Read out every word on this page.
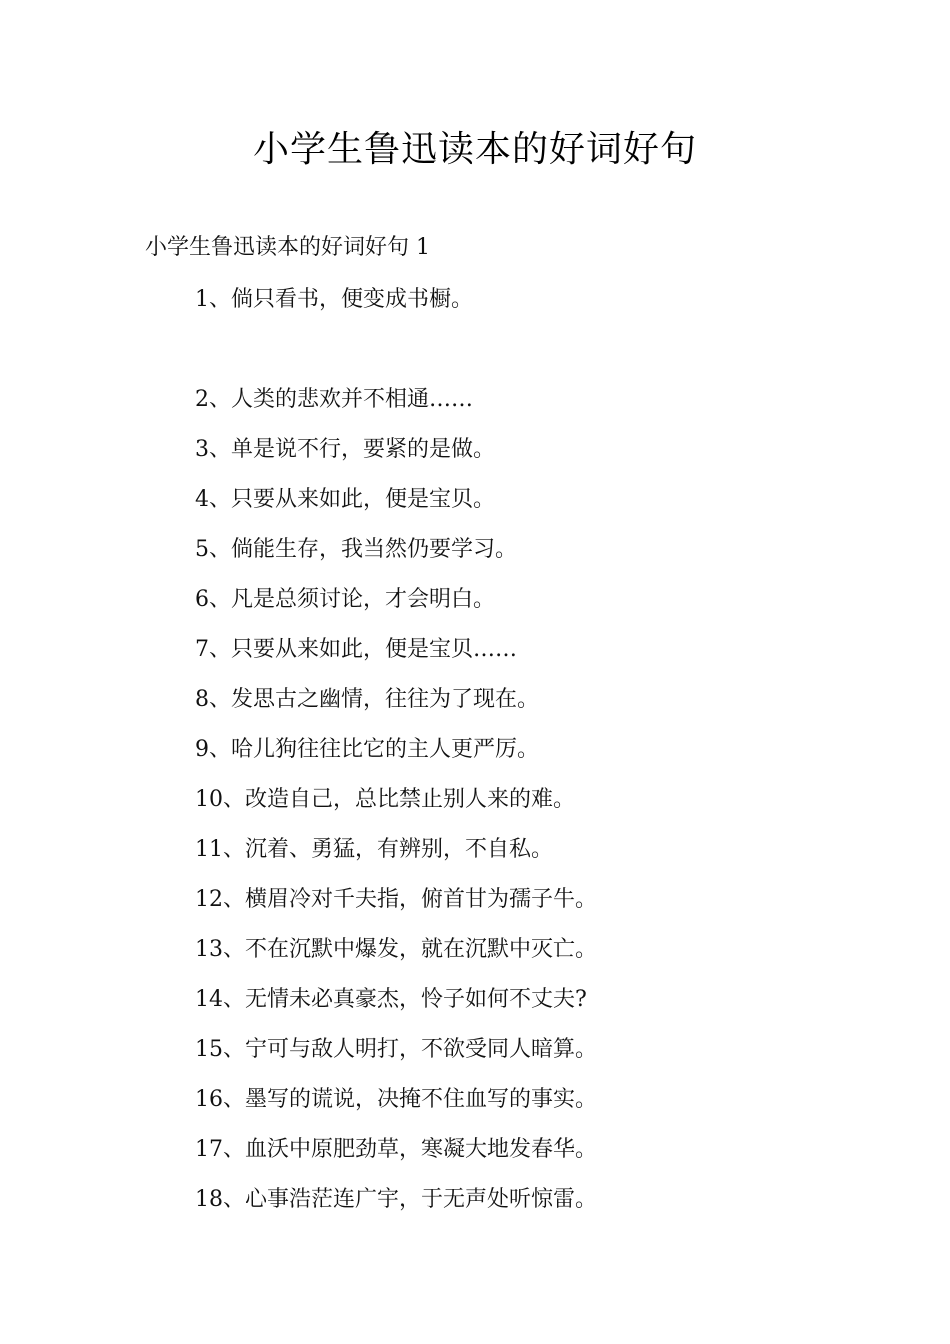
小学生鲁迅读本的好词好句
小学生鲁迅读本的好词好句 1
1、倘只看书，便变成书橱。
2、人类的悲欢并不相通……
3、单是说不行，要紧的是做。
4、只要从来如此，便是宝贝。
5、倘能生存，我当然仍要学习。
6、凡是总须讨论，才会明白。
7、只要从来如此，便是宝贝……
8、发思古之幽情，往往为了现在。
9、哈儿狗往往比它的主人更严厉。
10、改造自己，总比禁止别人来的难。
11、沉着、勇猛，有辨别，不自私。
12、横眉冷对千夫指，俯首甘为孺子牛。
13、不在沉默中爆发，就在沉默中灭亡。
14、无情未必真豪杰，怜子如何不丈夫?
15、宁可与敌人明打，不欲受同人暗算。
16、墨写的谎说，决掩不住血写的事实。
17、血沃中原肥劲草，寒凝大地发春华。
18、心事浩茫连广宇，于无声处听惊雷。
